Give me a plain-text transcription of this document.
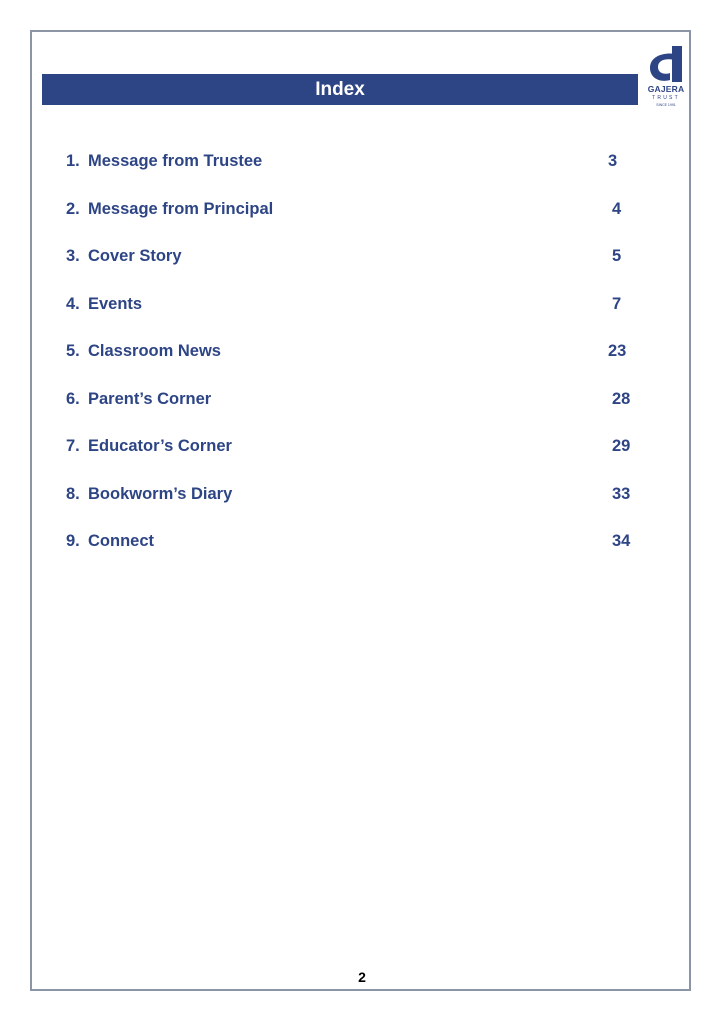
Index	GAJERA
TRUST
SINCE 1991
1. Message from Trustee	3
2. Message from Principal	4
3. Cover Story	5
4. Events	7
5. Classroom News	23
6. Parent’s Corner	28
7. Educator’s Corner	29
8. Bookworm’s Diary	33
9. Connect	34
2
